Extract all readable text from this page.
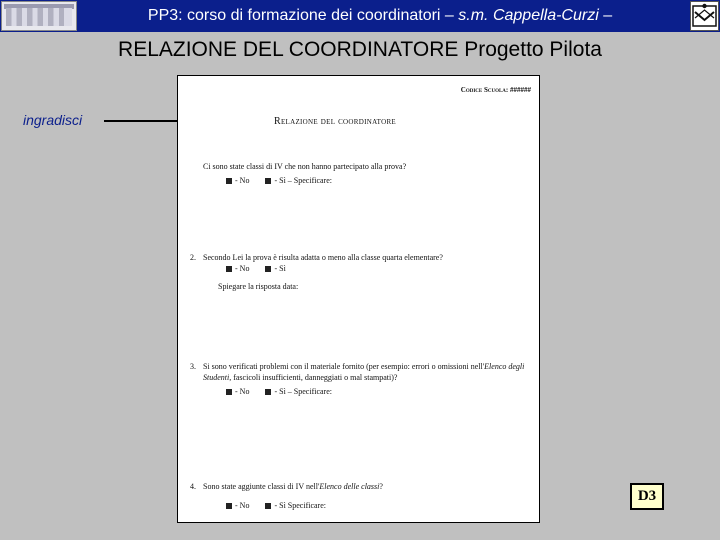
PP3: corso di formazione dei coordinatori – s.m. Cappella-Curzi –
RELAZIONE DEL COORDINATORE Progetto Pilota
ingradisci
Codice Scuola: ######
Relazione del coordinatore
Ci sono state classi di IV che non hanno partecipato alla prova?
- No	- Sì – Specificare:
2. Secondo Lei la prova è risulta adatta o meno alla classe quarta elementare?
- No	- Sì
Spiegare la risposta data:
3. Si sono verificati problemi con il materiale fornito (per esempio: errori o omissioni nell'Elenco degli Studenti, fascicoli insufficienti, danneggiati o mal stampati)?
- No	- Sì – Specificare:
4. Sono state aggiunte classi di IV nell'Elenco delle classi?
- No	- Sì Specificare:
D3
